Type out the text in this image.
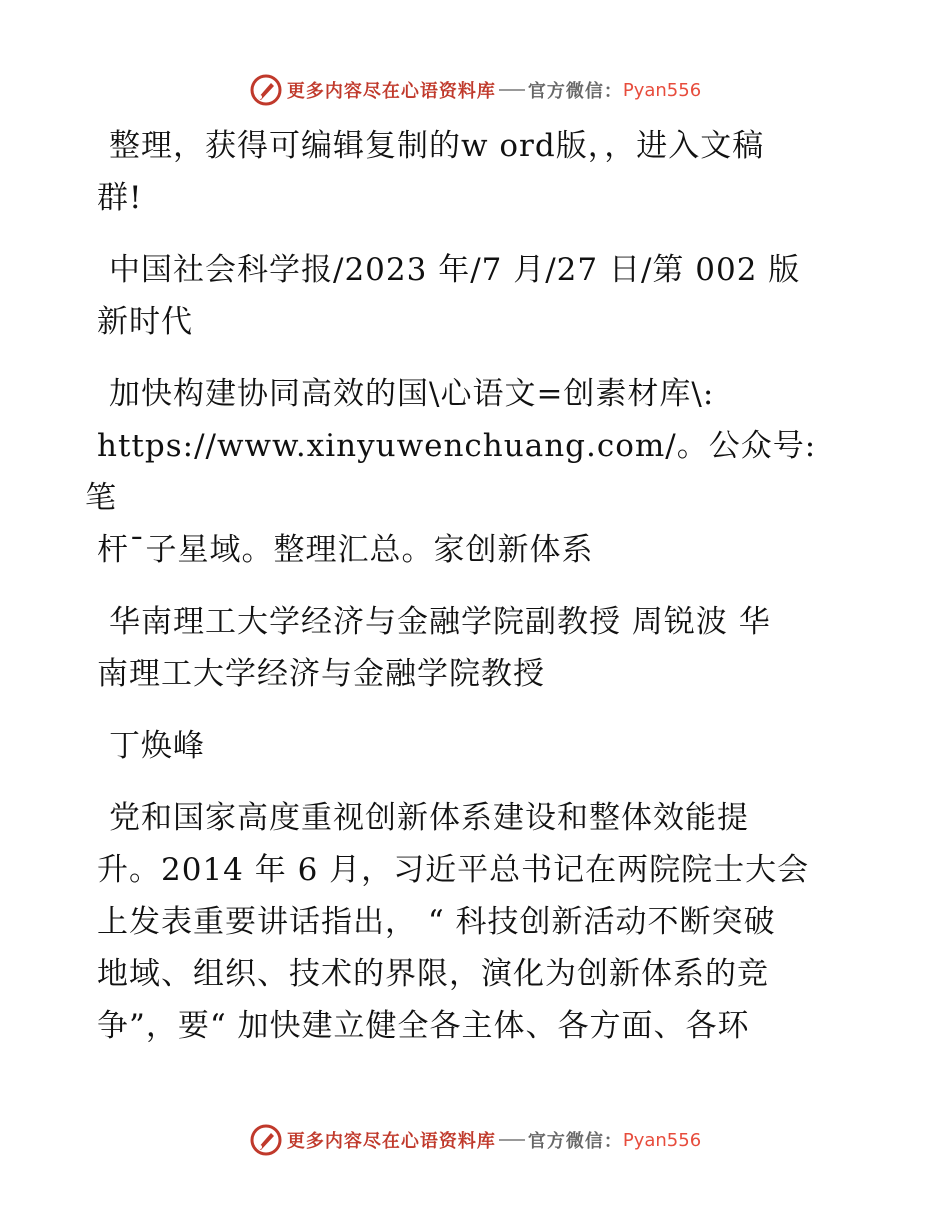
更多内容尽在心语资料库 官方微信： Pyan556

整理，获得可编辑复制的w ord版，，进入文稿
群!

中国社会科学报/2023 年/7 月/27 日/第 002 版
新时代

加快构建协同高效的国\心语文=创素材库\:
https://www.xinyuwenchuang.com/。公众号: 笔
杆¯子星域。整理汇总。家创新体系

华南理工大学经济与金融学院副教授 周锐波 华
南理工大学经济与金融学院教授

丁焕峰

党和国家高度重视创新体系建设和整体效能提
升。2014 年 6 月，习近平总书记在两院院士大会
上发表重要讲话指出， “ 科技创新活动不断突破
地域、组织、技术的界限，演化为创新体系的竞
争”，要“ 加快建立健全各主体、各方面、各环

更多内容尽在心语资料库 官方微信： Pyan556
